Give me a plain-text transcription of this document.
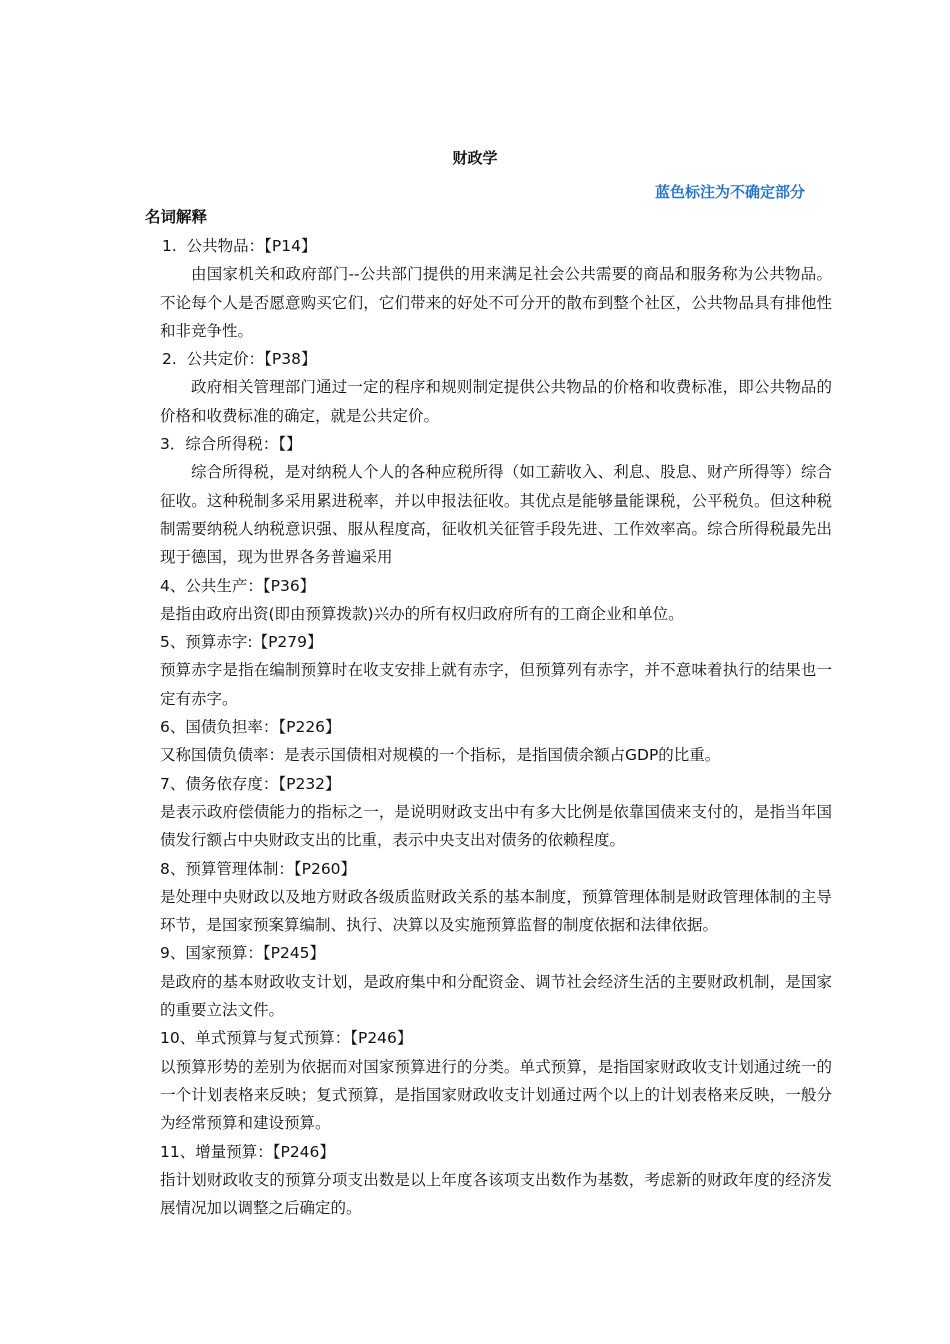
财政学
蓝色标注为不确定部分
名词解释
1.  公共物品：【P14】

由国家机关和政府部门--公共部门提供的用来满足社会公共需要的商品和服务称为公共物品。不论每个人是否愿意购买它们，它们带来的好处不可分开的散布到整个社区，公共物品具有排他性和非竞争性。

2.  公共定价：【P38】

政府相关管理部门通过一定的程序和规则制定提供公共物品的价格和收费标准，即公共物品的价格和收费标准的确定，就是公共定价。

3．综合所得税：【】

综合所得税，是对纳税人个人的各种应税所得（如工薪收入、利息、股息、财产所得等）综合征收。这种税制多采用累进税率，并以申报法征收。其优点是能够量能课税，公平税负。但这种税制需要纳税人纳税意识强、服从程度高，征收机关征管手段先进、工作效率高。综合所得税最先出现于德国，现为世界各务普遍采用

4、公共生产：【P36】

是指由政府出资(即由预算拨款)兴办的所有权归政府所有的工商企业和单位。

5、预算赤字:【P279】

预算赤字是指在编制预算时在收支安排上就有赤字，但预算列有赤字，并不意味着执行的结果也一定有赤字。

6、国债负担率：【P226】

又称国债负债率：是表示国债相对规模的一个指标，是指国债余额占GDP的比重。

7、债务依存度：【P232】

是表示政府偿债能力的指标之一，是说明财政支出中有多大比例是依靠国债来支付的，是指当年国债发行额占中央财政支出的比重，表示中央支出对债务的依赖程度。

8、预算管理体制：【P260】

是处理中央财政以及地方财政各级质监财政关系的基本制度，预算管理体制是财政管理体制的主导环节，是国家预案算编制、执行、决算以及实施预算监督的制度依据和法律依据。

9、国家预算：【P245】

是政府的基本财政收支计划，是政府集中和分配资金、调节社会经济生活的主要财政机制，是国家的重要立法文件。

10、单式预算与复式预算：【P246】

以预算形势的差别为依据而对国家预算进行的分类。单式预算，是指国家财政收支计划通过统一的一个计划表格来反映；复式预算，是指国家财政收支计划通过两个以上的计划表格来反映，一般分为经常预算和建设预算。

11、增量预算：【P246】

指计划财政收支的预算分项支出数是以上年度各该项支出数作为基数，考虑新的财政年度的经济发展情况加以调整之后确定的。
